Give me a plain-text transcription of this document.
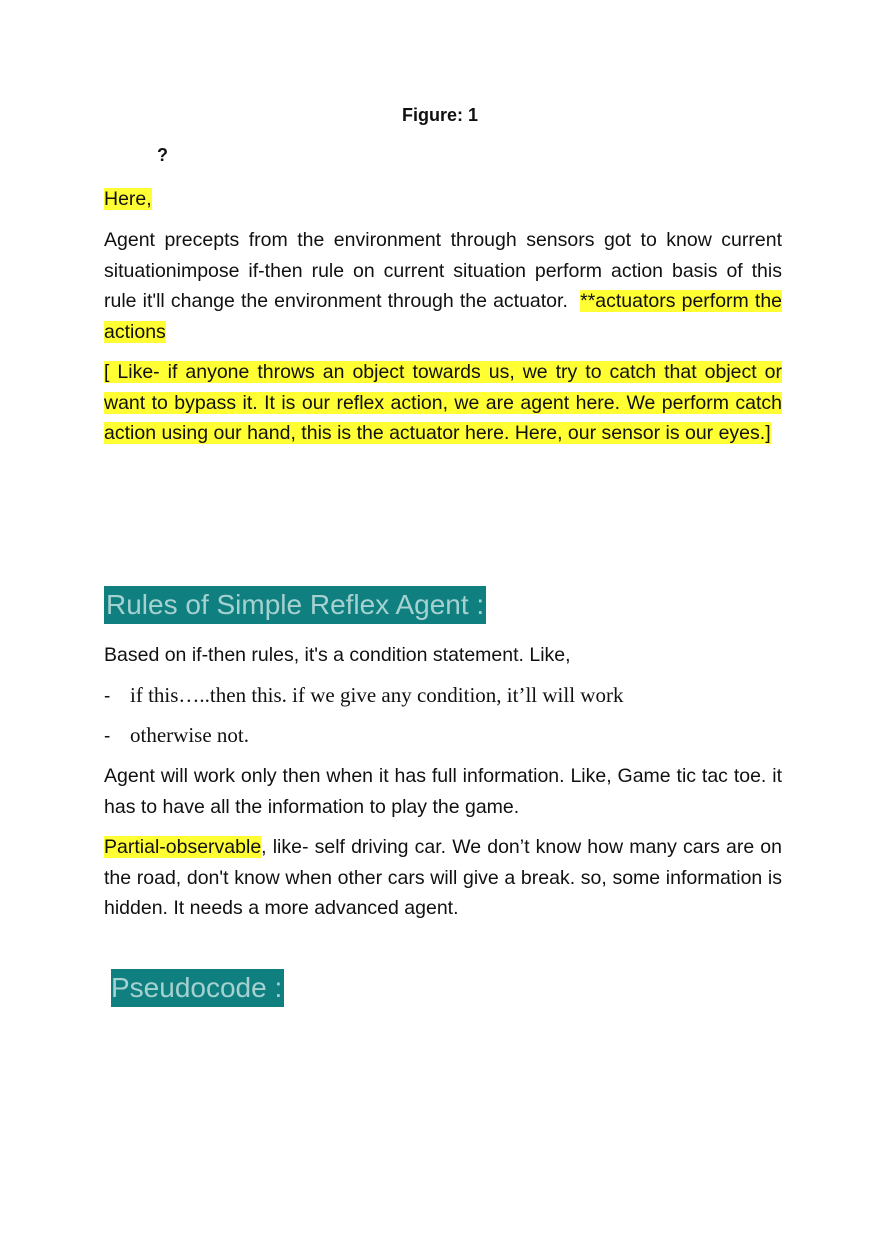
Figure: 1
?

Here,

Agent precepts from the environment through sensors got to know current situationimpose if-then rule on current situation perform action basis of this rule it'll change the environment through the actuator. **actuators perform the actions

[ Like- if anyone throws an object towards us, we try to catch that object or want to bypass it. It is our reflex action, we are agent here. We perform catch action using our hand, this is the actuator here. Here, our sensor is our eyes.]

Rules of Simple Reflex Agent :

Based on if-then rules, it's a condition statement. Like,

- if this…..then this. if we give any condition, it’ll will work
- otherwise not.

Agent will work only then when it has full information. Like, Game tic tac toe. it has to have all the information to play the game.

Partial-observable, like- self driving car. We don’t know how many cars are on the road, don't know when other cars will give a break. so, some information is hidden. It needs a more advanced agent.

Pseudocode :
